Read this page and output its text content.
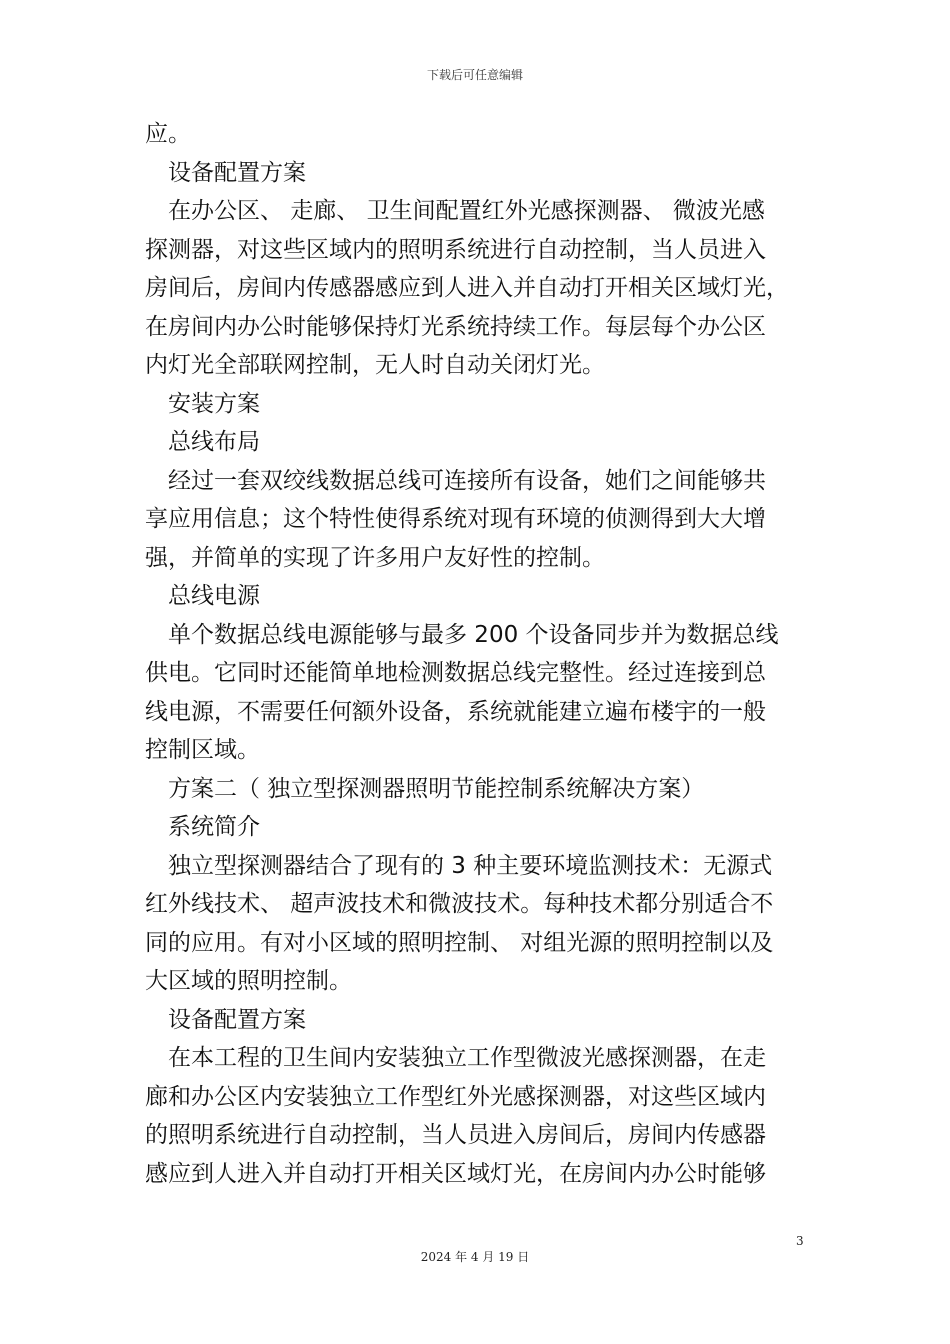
下载后可任意编辑
应。
设备配置方案
在办公区、 走廊、 卫生间配置红外光感探测器、 微波光感
探测器，对这些区域内的照明系统进行自动控制，当人员进入
房间后，房间内传感器感应到人进入并自动打开相关区域灯光，
在房间内办公时能够保持灯光系统持续工作。每层每个办公区
内灯光全部联网控制，无人时自动关闭灯光。
安装方案
总线布局
经过一套双绞线数据总线可连接所有设备，她们之间能够共
享应用信息；这个特性使得系统对现有环境的侦测得到大大增
强，并简单的实现了许多用户友好性的控制。
总线电源
单个数据总线电源能够与最多 200 个设备同步并为数据总线
供电。它同时还能简单地检测数据总线完整性。经过连接到总
线电源，不需要任何额外设备，系统就能建立遍布楼宇的一般
控制区域。
方案二（ 独立型探测器照明节能控制系统解决方案）
系统简介
独立型探测器结合了现有的 3 种主要环境监测技术：无源式
红外线技术、 超声波技术和微波技术。每种技术都分别适合不
同的应用。有对小区域的照明控制、 对组光源的照明控制以及
大区域的照明控制。
设备配置方案
在本工程的卫生间内安装独立工作型微波光感探测器，在走
廊和办公区内安装独立工作型红外光感探测器，对这些区域内
的照明系统进行自动控制，当人员进入房间后，房间内传感器
感应到人进入并自动打开相关区域灯光，在房间内办公时能够
3
2024 年 4 月 19 日
